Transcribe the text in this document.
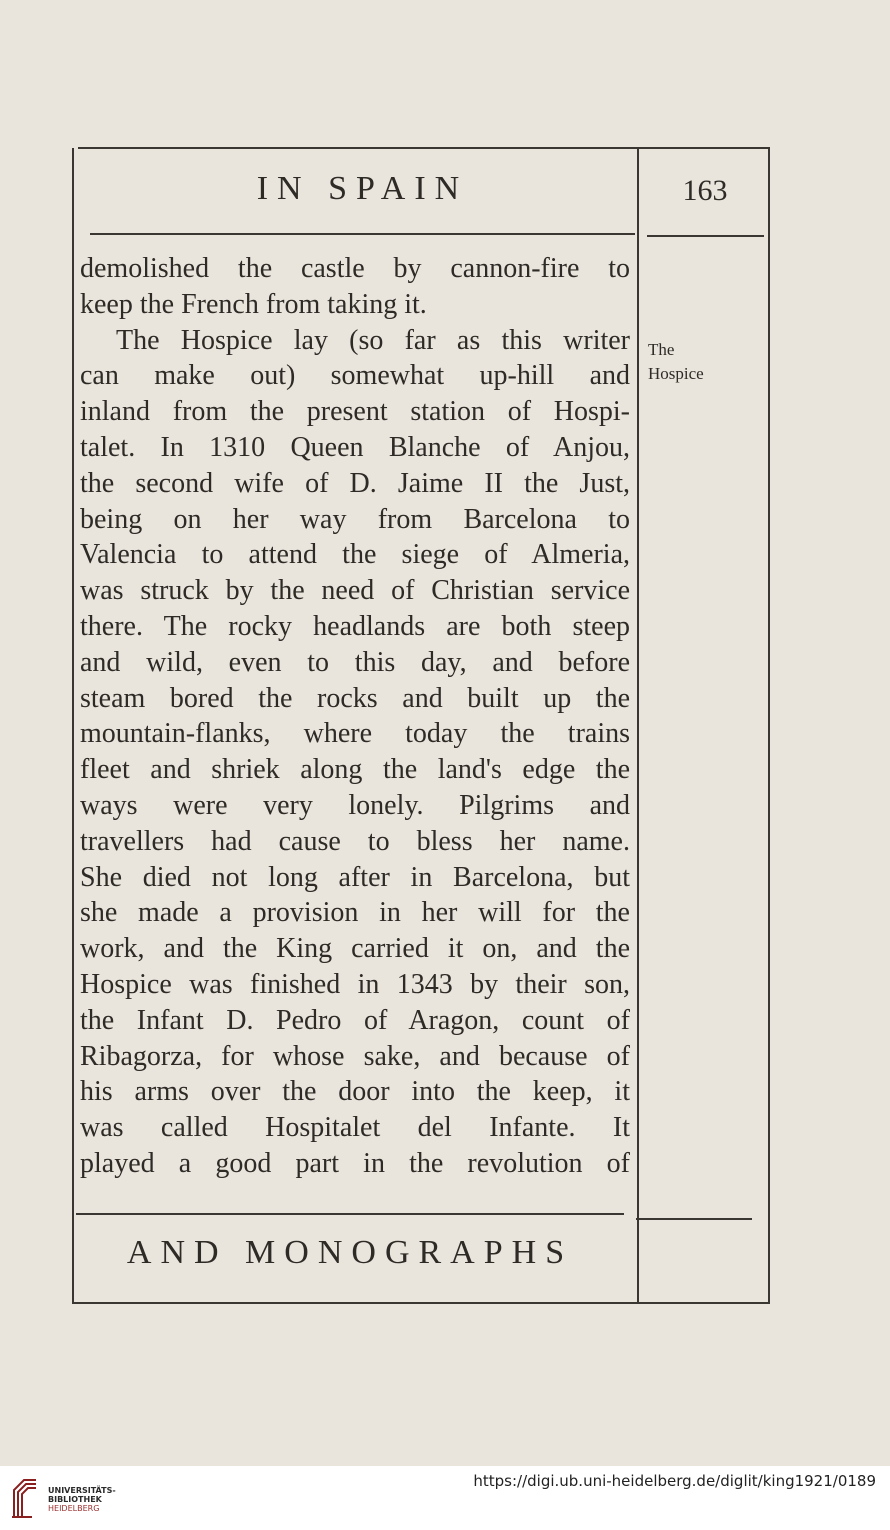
IN SPAIN	163
demolished the castle by cannon-fire to
keep the French from taking it.
The Hospice lay (so far as this writer
can make out) somewhat up-hill and
inland from the present station of Hospi-
talet. In 1310 Queen Blanche of Anjou,
the second wife of D. Jaime II the Just,
being on her way from Barcelona to
Valencia to attend the siege of Almeria,
was struck by the need of Christian service
there. The rocky headlands are both steep
and wild, even to this day, and before
steam bored the rocks and built up the
mountain-flanks, where today the trains
fleet and shriek along the land's edge the
ways were very lonely. Pilgrims and
travellers had cause to bless her name.
She died not long after in Barcelona, but
she made a provision in her will for the
work, and the King carried it on, and the
Hospice was finished in 1343 by their son,
the Infant D. Pedro of Aragon, count of
Ribagorza, for whose sake, and because of
his arms over the door into the keep, it
was called Hospitalet del Infante. It
played a good part in the revolution of
The
Hospice
AND MONOGRAPHS
UNIVERSITÄTS-
BIBLIOTHEK
HEIDELBERG
https://digi.ub.uni-heidelberg.de/diglit/king1921/0189
